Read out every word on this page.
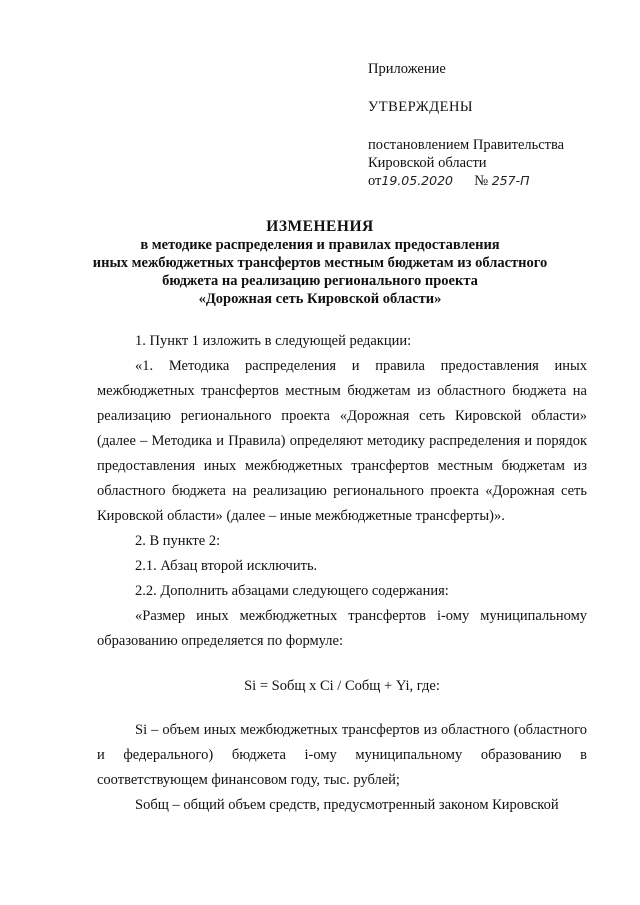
Приложение
УТВЕРЖДЕНЫ
постановлением Правительства
Кировской области
от19.05.2020 № 257-П
ИЗМЕНЕНИЯ
в методике распределения и правилах предоставления
иных межбюджетных трансфертов местным бюджетам из областного
бюджета на реализацию регионального проекта
«Дорожная сеть Кировской области»

1. Пункт 1 изложить в следующей редакции:

«1. Методика распределения и правила предоставления иных межбюджетных трансфертов местным бюджетам из областного бюджета на реализацию регионального проекта «Дорожная сеть Кировской области» (далее – Методика и Правила) определяют методику распределения и порядок предоставления иных межбюджетных трансфертов местным бюджетам из областного бюджета на реализацию регионального проекта «Дорожная сеть Кировской области» (далее – иные межбюджетные трансферты)».

2. В пункте 2:

2.1. Абзац второй исключить.

2.2. Дополнить абзацами следующего содержания:

«Размер иных межбюджетных трансфертов i-ому муниципальному образованию определяется по формуле:

Si = Sобщ x Ci / Cобщ + Yi, где:

Si – объем иных межбюджетных трансфертов из областного (областного и федерального) бюджета i-ому муниципальному образованию в соответствующем финансовом году, тыс. рублей;

Sобщ – общий объем средств, предусмотренный законом Кировской
